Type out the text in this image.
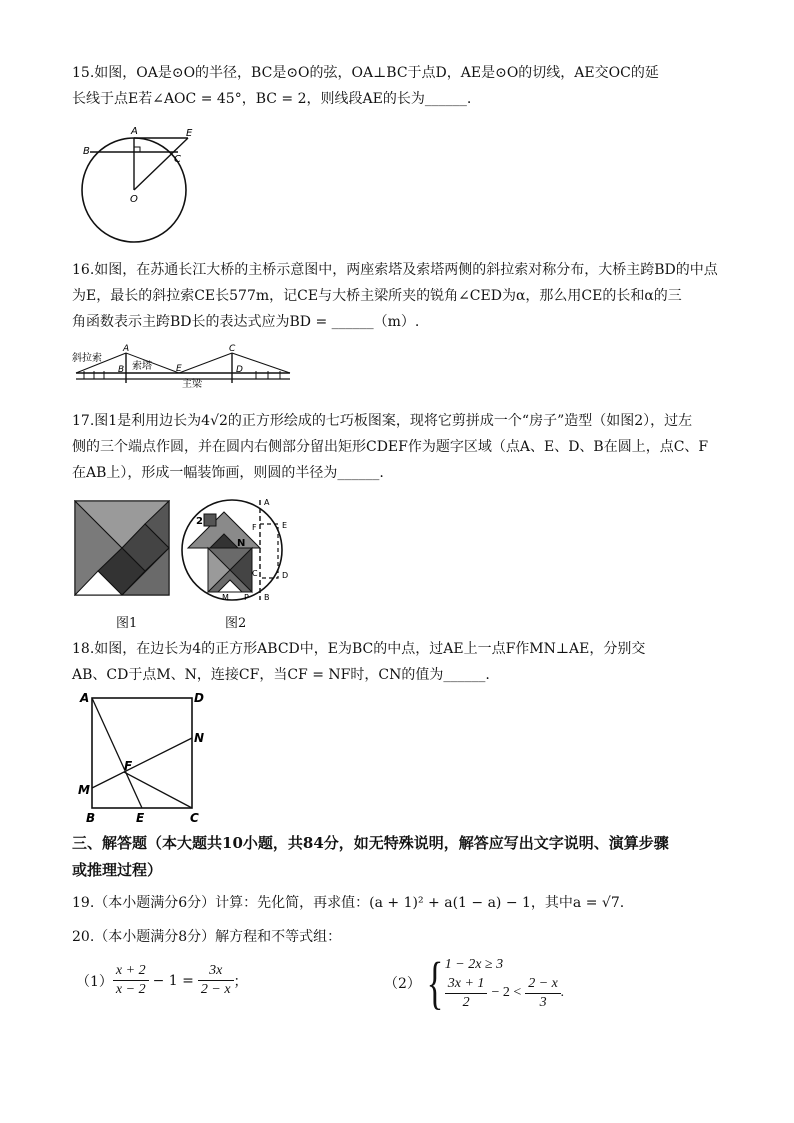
15.如图，OA是⊙O的半径，BC是⊙O的弦，OA⊥BC于点D，AE是⊙O的切线，AE交OC的延
长线于点E若∠AOC = 45°，BC = 2，则线段AE的长为______.
A
B
C
E
O
16.如图，在苏通长江大桥的主桥示意图中，两座索塔及索塔两侧的斜拉索对称分布，大桥主跨BD的中点
为E，最长的斜拉索CE长577m，记CE与大桥主梁所夹的锐角∠CED为α，那么用CE的长和α的三
角函数表示主跨BD长的表达式应为BD = ______（m）.
斜拉索
索塔
主梁
A
B
C
D
E
17.图1是利用边长为4√2的正方形绘成的七巧板图案，现将它剪拼成一个“房子”造型（如图2），过左
侧的三个端点作圆，并在圆内右侧部分留出矩形CDEF作为题字区域（点A、E、D、B在圆上，点C、F
在AB上），形成一幅装饰画，则圆的半径为______.
图1
2
N
A
E
F
C	D
B
M P
图2
18.如图，在边长为4的正方形ABCD中，E为BC的中点，过AE上一点F作MN⊥AE，分别交
AB、CD于点M、N，连接CF，当CF = NF时，CN的值为______.
A	D
N
F
M
B	E	C
三、解答题（本大题共10小题，共84分，如无特殊说明，解答应写出文字说明、演算步骤
或推理过程）
19.（本小题满分6分）计算：先化简，再求值：(a + 1)² + a(1 − a) − 1，其中a = √7.
20.（本小题满分8分）解方程和不等式组：
$(1) \frac{x + 2}{x - 2} - 1 = \frac{3x}{2 - x}$ ；	（2） { 1 − 2x ≥ 3
$\frac{3x + 1}{2} - 2 < \frac{2 - x}{3}$ .
